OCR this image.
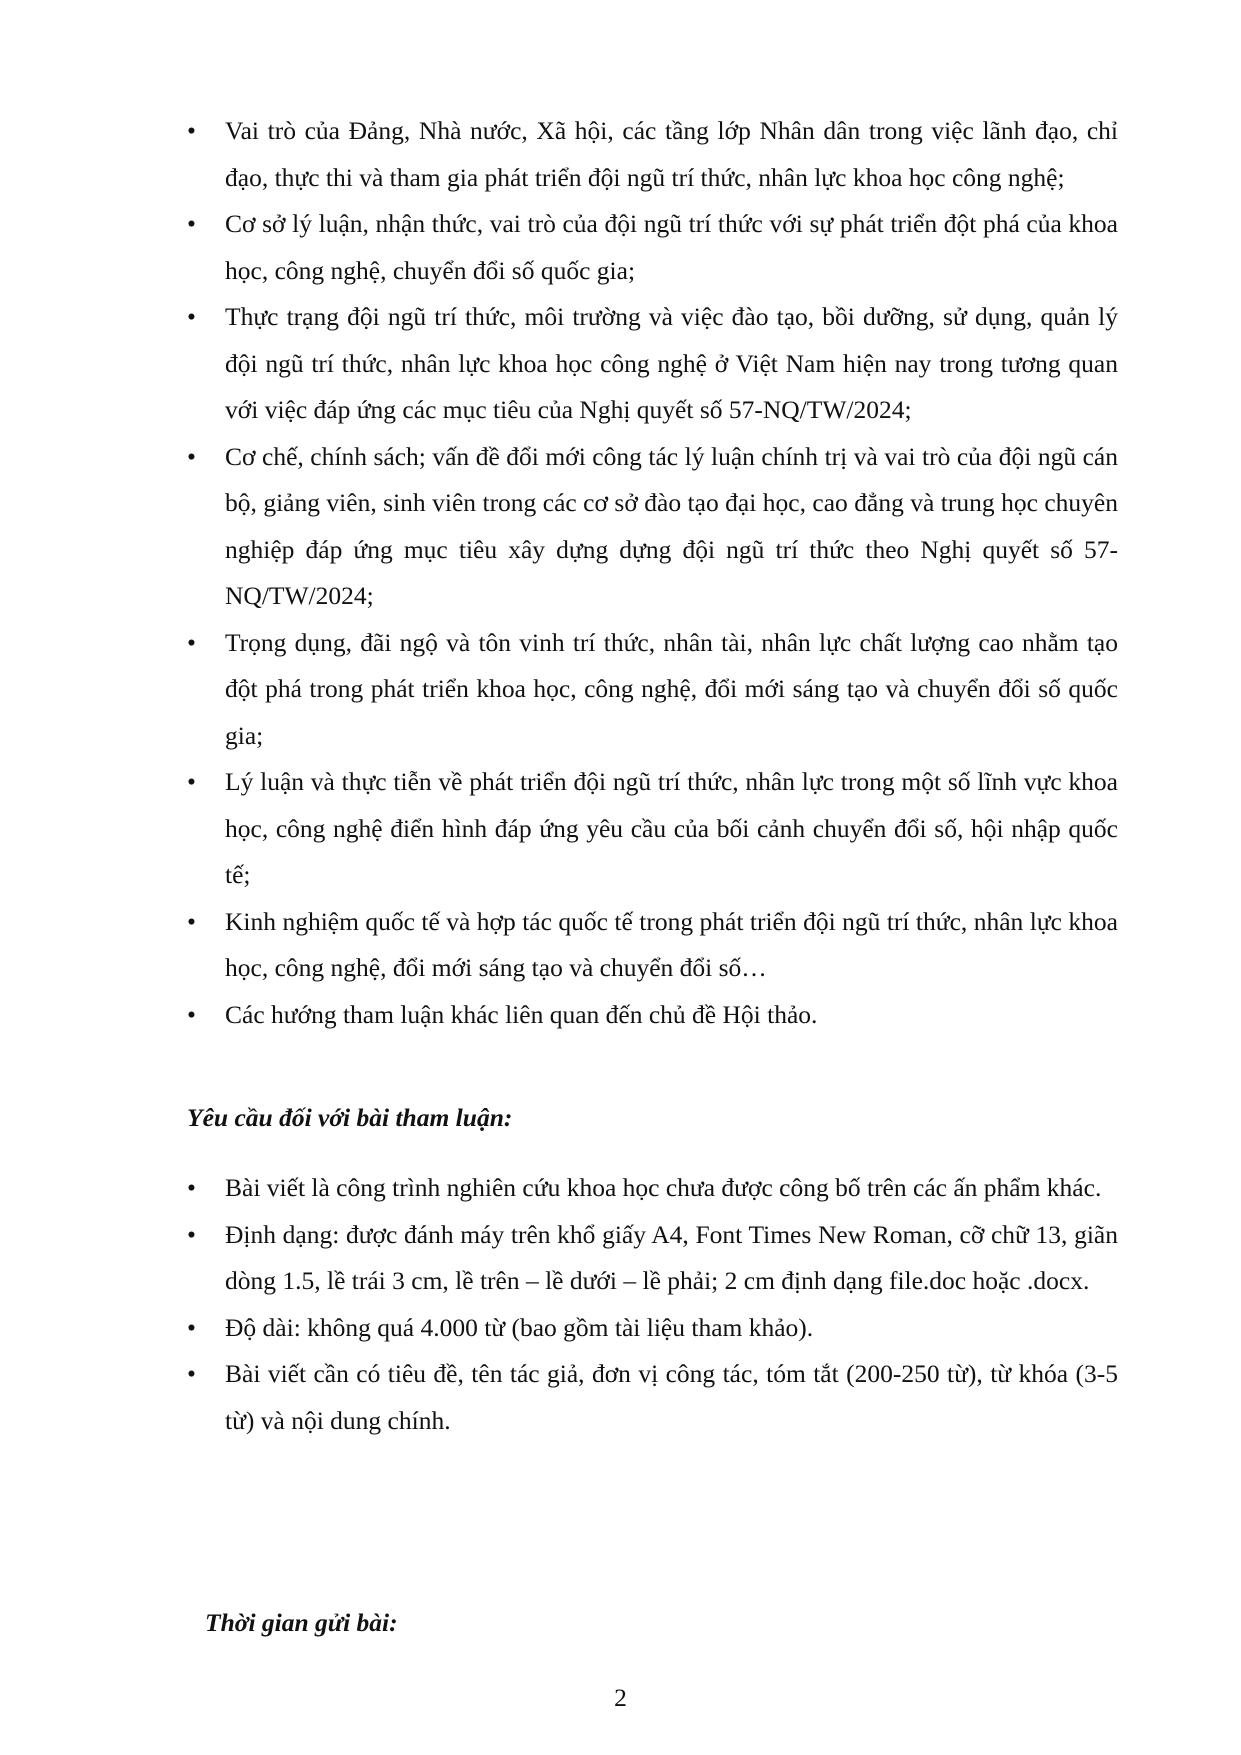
•	Vai trò của Đảng, Nhà nước, Xã hội, các tầng lớp Nhân dân trong việc lãnh đạo, chỉ đạo, thực thi và tham gia phát triển đội ngũ trí thức, nhân lực khoa học công nghệ;
•	Cơ sở lý luận, nhận thức, vai trò của đội ngũ trí thức với sự phát triển đột phá của khoa học, công nghệ, chuyển đổi số quốc gia;
•	Thực trạng đội ngũ trí thức, môi trường và việc đào tạo, bồi dưỡng, sử dụng, quản lý đội ngũ trí thức, nhân lực khoa học công nghệ ở Việt Nam hiện nay trong tương quan với việc đáp ứng các mục tiêu của Nghị quyết số 57-NQ/TW/2024;
•	Cơ chế, chính sách; vấn đề đổi mới công tác lý luận chính trị và vai trò của đội ngũ cán bộ, giảng viên, sinh viên trong các cơ sở đào tạo đại học, cao đẳng và trung học chuyên nghiệp đáp ứng mục tiêu xây dựng dựng đội ngũ trí thức theo Nghị quyết số 57-NQ/TW/2024;
•	Trọng dụng, đãi ngộ và tôn vinh trí thức, nhân tài, nhân lực chất lượng cao nhằm tạo đột phá trong phát triển khoa học, công nghệ, đổi mới sáng tạo và chuyển đổi số quốc gia;
•	Lý luận và thực tiễn về phát triển đội ngũ trí thức, nhân lực trong một số lĩnh vực khoa học, công nghệ điển hình đáp ứng yêu cầu của bối cảnh chuyển đổi số, hội nhập quốc tế;
•	Kinh nghiệm quốc tế và hợp tác quốc tế trong phát triển đội ngũ trí thức, nhân lực khoa học, công nghệ, đổi mới sáng tạo và chuyển đổi số…
•	Các hướng tham luận khác liên quan đến chủ đề Hội thảo.

Yêu cầu đối với bài tham luận:

•	Bài viết là công trình nghiên cứu khoa học chưa được công bố trên các ấn phẩm khác.
•	Định dạng: được đánh máy trên khổ giấy A4, Font Times New Roman, cỡ chữ 13, giãn dòng 1.5, lề trái 3 cm, lề trên – lề dưới – lề phải; 2 cm định dạng file.doc hoặc .docx.
•	Độ dài: không quá 4.000 từ (bao gồm tài liệu tham khảo).
•	Bài viết cần có tiêu đề, tên tác giả, đơn vị công tác, tóm tắt (200-250 từ), từ khóa (3-5 từ) và nội dung chính.

Thời gian gửi bài:

2
